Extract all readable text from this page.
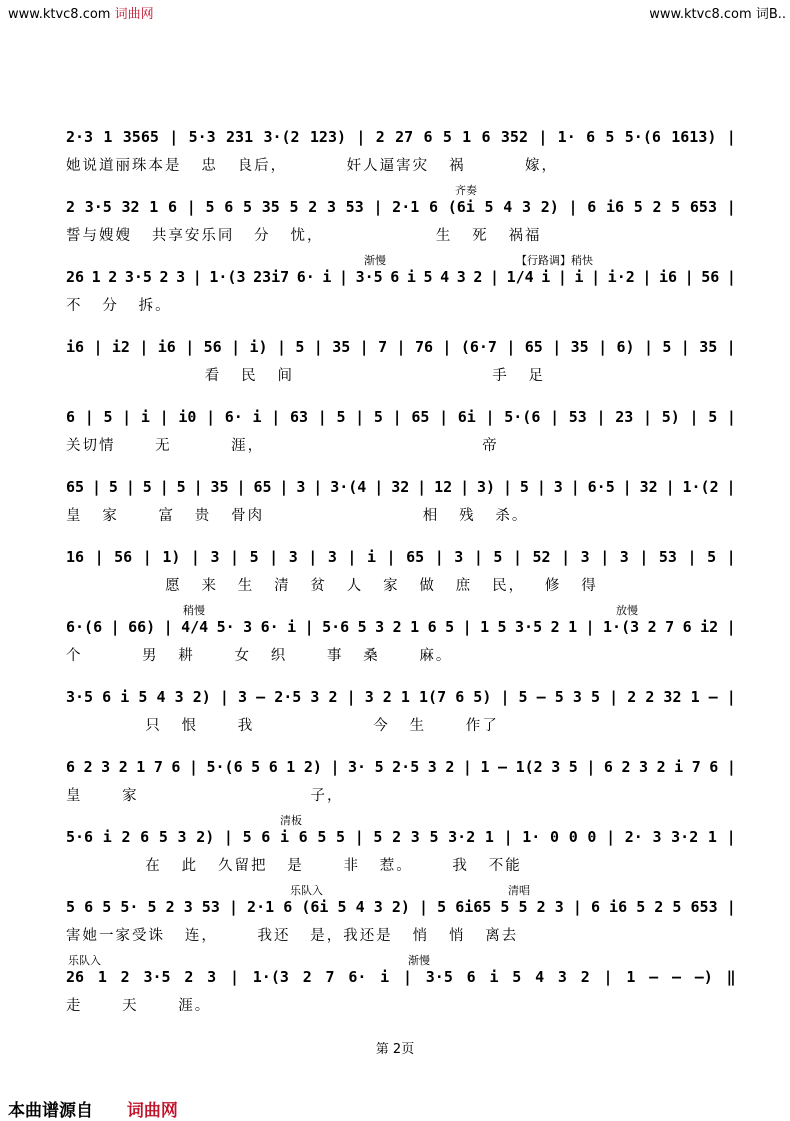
www.ktvc8.com 词曲网	www.ktvc8.com 词B..
2·3 1 3565 | 5·3 231 3·(2 123) | 2 27 6 5 1 6 352 | 1· 6 5 5·(6 1613) |
她说道丽珠本是   忠   良后，         奸人逼害灾   祸         嫁，
齐奏
2 3·5 32 1 6 | 5 6 5 35 5 2 3 53 | 2·1 6 (6i 5 4 3 2) | 6 i6 5 2 5 653 |
誓与嫂嫂   共享安乐同   分   忧，                 生   死   祸福
渐慢	【行路调】稍快
26 1 2 3·5 2 3 | 1·(3 23i7 6· i | 3·5 6 i 5 4 3 2 | 1/4 i | i | i·2 | i6 | 56 |
不   分   拆。
i6 | i2 | i6 | 56 | i) | 5 | 35 | 7 | 76 | (6·7 | 65 | 35 | 6) | 5 | 35 |
看   民   间                              手   足
6 | 5 | i | i0 | 6· i | 63 | 5 | 5 | 65 | 6i | 5·(6 | 53 | 23 | 5) | 5 |
关切情      无         涯，                                 帝
65 | 5 | 5 | 5 | 35 | 65 | 3 | 3·(4 | 32 | 12 | 3) | 5 | 3 | 6·5 | 32 | 1·(2 |
皇   家      富   贵   骨肉                        相   残   杀。
16 | 56 | 1) | 3 | 5 | 3 | 3 | i | 65 | 3 | 5 | 52 | 3 | 3 | 53 | 5 |
愿   来   生   清   贫   人   家   做   庶   民，   修   得
稍慢	放慢
6·(6 | 66) | 4/4 5· 3 6· i | 5·6 5 3 2 1 6 5 | 1 5 3·5 2 1 | 1·(3 2 7 6 i2 |
个         男   耕      女   织      事   桑      麻。
3·5 6 i 5 4 3 2) | 3 – 2·5 3 2 | 3 2 1 1(7 6 5) | 5 – 5 3 5 | 2 2 32 1 – |
只   恨      我                  今   生      作了
6 2 3 2 1 7 6 | 5·(6 5 6 1 2) | 3· 5 2·5 3 2 | 1 – 1(2 3 5 | 6 2 3 2 i 7 6 |
皇      家                          子，
清板
5·6 i 2 6 5 3 2) | 5 6 i 6 5 5 | 5 2 3 5 3·2 1 | 1· 0 0 0 | 2· 3 3·2 1 |
在   此   久留把   是      非   惹。      我   不能
乐队入	清唱
5 6 5 5· 5 2 3 53 | 2·1 6 (6i 5 4 3 2) | 5 6i65 5 5 2 3 | 6 i6 5 2 5 653 |
害她一家受诛   连，      我还   是，我还是   悄   悄   离去
乐队入	渐慢
26 1 2 3·5 2 3 | 1·(3 2 7 6· i | 3·5 6 i 5 4 3 2 | 1 – – –) ‖
走      天      涯。
第 2页
本曲谱源自 词曲网
